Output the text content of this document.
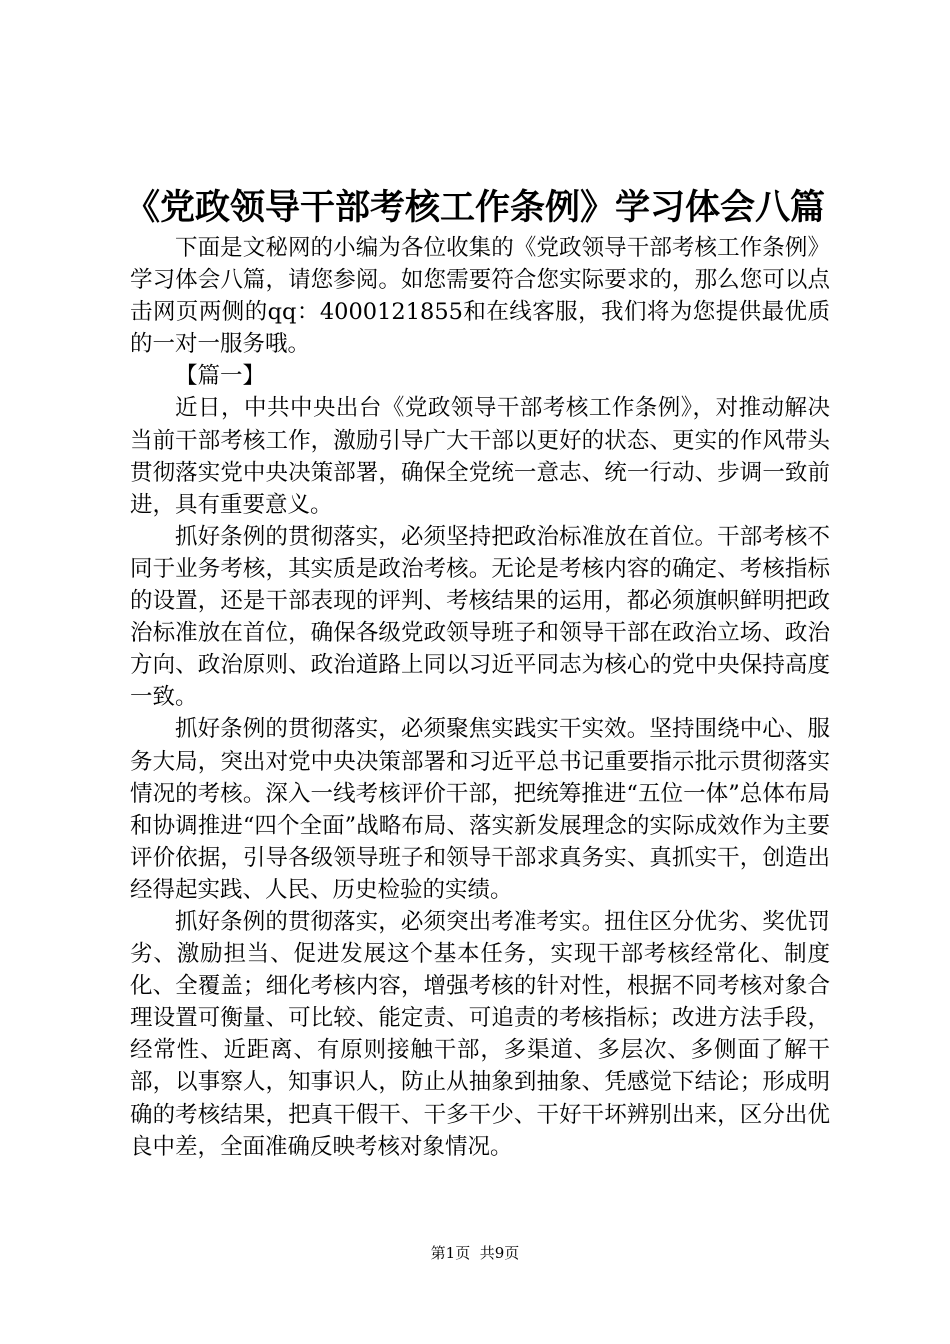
《党政领导干部考核工作条例》学习体会八篇

下面是文秘网的小编为各位收集的《党政领导干部考核工作条例》学习体会八篇，请您参阅。如您需要符合您实际要求的，那么您可以点击网页两侧的qq：4000121855和在线客服，我们将为您提供最优质的一对一服务哦。

【篇一】

近日，中共中央出台《党政领导干部考核工作条例》，对推动解决当前干部考核工作，激励引导广大干部以更好的状态、更实的作风带头贯彻落实党中央决策部署，确保全党统一意志、统一行动、步调一致前进，具有重要意义。

抓好条例的贯彻落实，必须坚持把政治标准放在首位。干部考核不同于业务考核，其实质是政治考核。无论是考核内容的确定、考核指标的设置，还是干部表现的评判、考核结果的运用，都必须旗帜鲜明把政治标准放在首位，确保各级党政领导班子和领导干部在政治立场、政治方向、政治原则、政治道路上同以习近平同志为核心的党中央保持高度一致。

抓好条例的贯彻落实，必须聚焦实践实干实效。坚持围绕中心、服务大局，突出对党中央决策部署和习近平总书记重要指示批示贯彻落实情况的考核。深入一线考核评价干部，把统筹推进“五位一体”总体布局和协调推进“四个全面”战略布局、落实新发展理念的实际成效作为主要评价依据，引导各级领导班子和领导干部求真务实、真抓实干，创造出经得起实践、人民、历史检验的实绩。

抓好条例的贯彻落实，必须突出考准考实。扭住区分优劣、奖优罚劣、激励担当、促进发展这个基本任务，实现干部考核经常化、制度化、全覆盖；细化考核内容，增强考核的针对性，根据不同考核对象合理设置可衡量、可比较、能定责、可追责的考核指标；改进方法手段，经常性、近距离、有原则接触干部，多渠道、多层次、多侧面了解干部，以事察人，知事识人，防止从抽象到抽象、凭感觉下结论；形成明确的考核结果，把真干假干、干多干少、干好干坏辨别出来，区分出优良中差，全面准确反映考核对象情况。

第1页 共9页
